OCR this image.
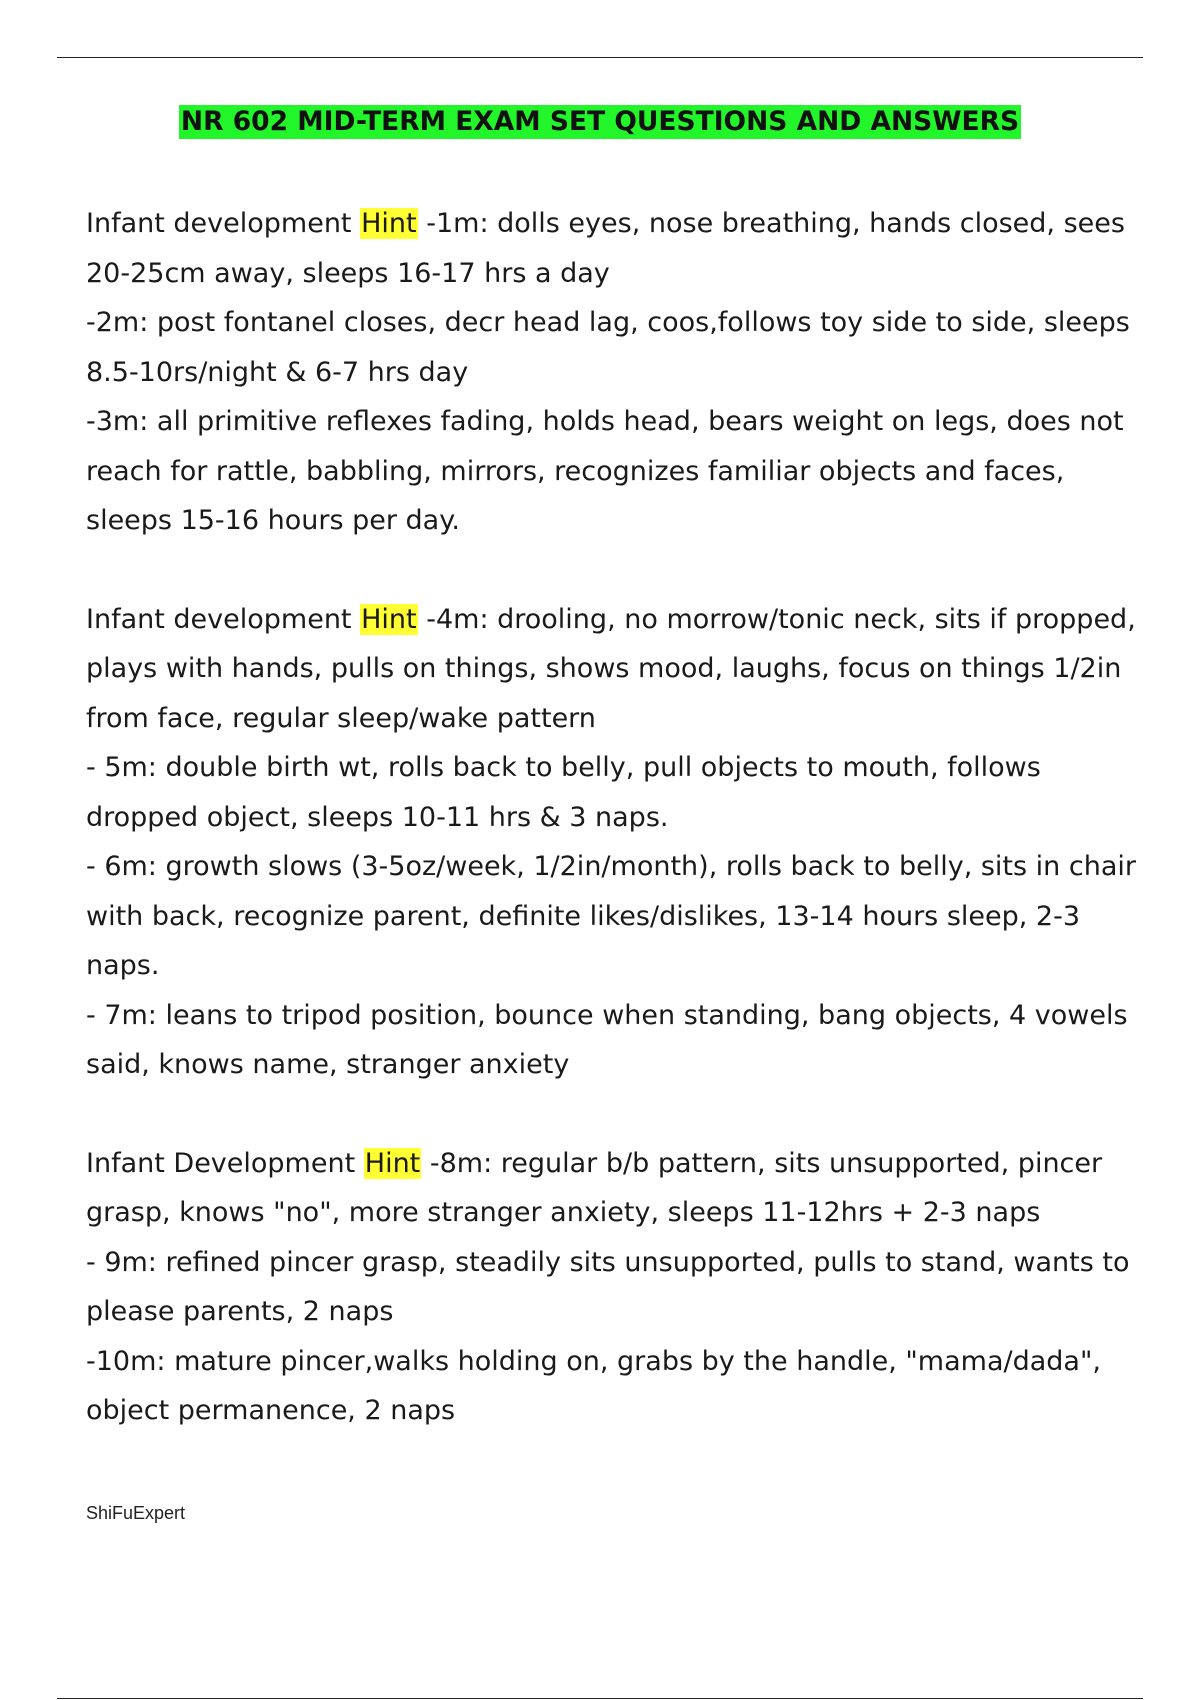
NR 602 MID-TERM EXAM SET QUESTIONS AND ANSWERS
Infant development Hint -1m: dolls eyes, nose breathing, hands closed, sees
20-25cm away, sleeps 16-17 hrs a day
-2m: post fontanel closes, decr head lag, coos,follows toy side to side, sleeps
8.5-10rs/night & 6-7 hrs day
-3m: all primitive reflexes fading, holds head, bears weight on legs, does not
reach for rattle, babbling, mirrors, recognizes familiar objects and faces,
sleeps 15-16 hours per day.
Infant development Hint -4m: drooling, no morrow/tonic neck, sits if propped,
plays with hands, pulls on things, shows mood, laughs, focus on things 1/2in
from face, regular sleep/wake pattern
- 5m: double birth wt, rolls back to belly, pull objects to mouth, follows
dropped object, sleeps 10-11 hrs & 3 naps.
- 6m: growth slows (3-5oz/week, 1/2in/month), rolls back to belly, sits in chair
with back, recognize parent, definite likes/dislikes, 13-14 hours sleep, 2-3
naps.
- 7m: leans to tripod position, bounce when standing, bang objects, 4 vowels
said, knows name, stranger anxiety
Infant Development Hint -8m: regular b/b pattern, sits unsupported, pincer
grasp, knows "no", more stranger anxiety, sleeps 11-12hrs + 2-3 naps
- 9m: refined pincer grasp, steadily sits unsupported, pulls to stand, wants to
please parents, 2 naps
-10m: mature pincer,walks holding on, grabs by the handle, "mama/dada",
object permanence, 2 naps
ShiFuExpert
